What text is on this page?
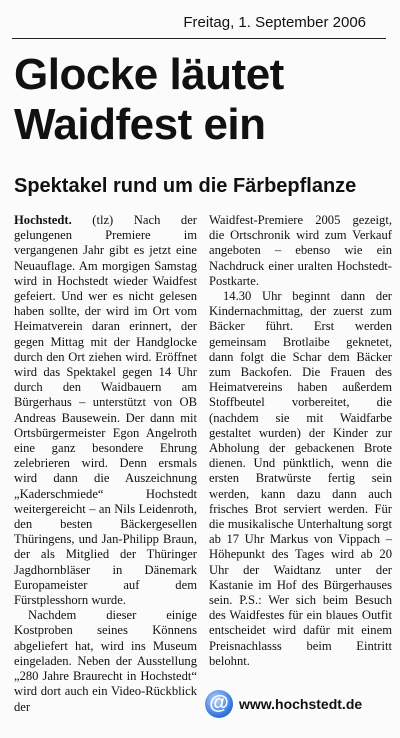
Freitag, 1. September 2006
Glocke läutet
Waidfest ein
Spektakel rund um die Färbepflanze

Hochstedt. (tlz) Nach der gelungenen Premiere im vergangenen Jahr gibt es jetzt eine Neuauflage. Am morgigen Samstag wird in Hochstedt wieder Waidfest gefeiert. Und wer es nicht gelesen haben sollte, der wird im Ort vom Heimatverein daran erinnert, der gegen Mittag mit der Handglocke durch den Ort ziehen wird. Eröffnet wird das Spektakel gegen 14 Uhr durch den Waidbauern am Bürgerhaus – unterstützt von OB Andreas Bausewein. Der dann mit Ortsbürgermeister Egon Angelroth eine ganz besondere Ehrung zelebrieren wird. Denn ersmals wird dann die Auszeichnung „Kaderschmiede“ Hochstedt weitergereicht – an Nils Leidenroth, den besten Bäckergesellen Thüringens, und Jan-Philipp Braun, der als Mitglied der Thüringer Jagdhornbläser in Dänemark Europameister auf dem Fürstplesshorn wurde.

Nachdem dieser einige Kostproben seines Könnens abgeliefert hat, wird ins Museum eingeladen. Neben der Ausstellung „280 Jahre Braurecht in Hochstedt“ wird dort auch ein Video-Rückblick der

Waidfest-Premiere 2005 gezeigt, die Ortschronik wird zum Verkauf angeboten – ebenso wie ein Nachdruck einer uralten Hochstedt-Postkarte.

14.30 Uhr beginnt dann der Kindernachmittag, der zuerst zum Bäcker führt. Erst werden gemeinsam Brotlaibe geknetet, dann folgt die Schar dem Bäcker zum Backofen. Die Frauen des Heimatvereins haben außerdem Stoffbeutel vorbereitet, die (nachdem sie mit Waidfarbe gestaltet wurden) der Kinder zur Abholung der gebackenen Brote dienen. Und pünktlich, wenn die ersten Bratwürste fertig sein werden, kann dazu dann auch frisches Brot serviert werden. Für die musikalische Unterhaltung sorgt ab 17 Uhr Markus von Vippach – Höhepunkt des Tages wird ab 20 Uhr der Waidtanz unter der Kastanie im Hof des Bürgerhauses sein. P.S.: Wer sich beim Besuch des Waidfestes für ein blaues Outfit entscheidet wird dafür mit einem Preisnachlasss beim Eintritt belohnt.

@ www.hochstedt.de
